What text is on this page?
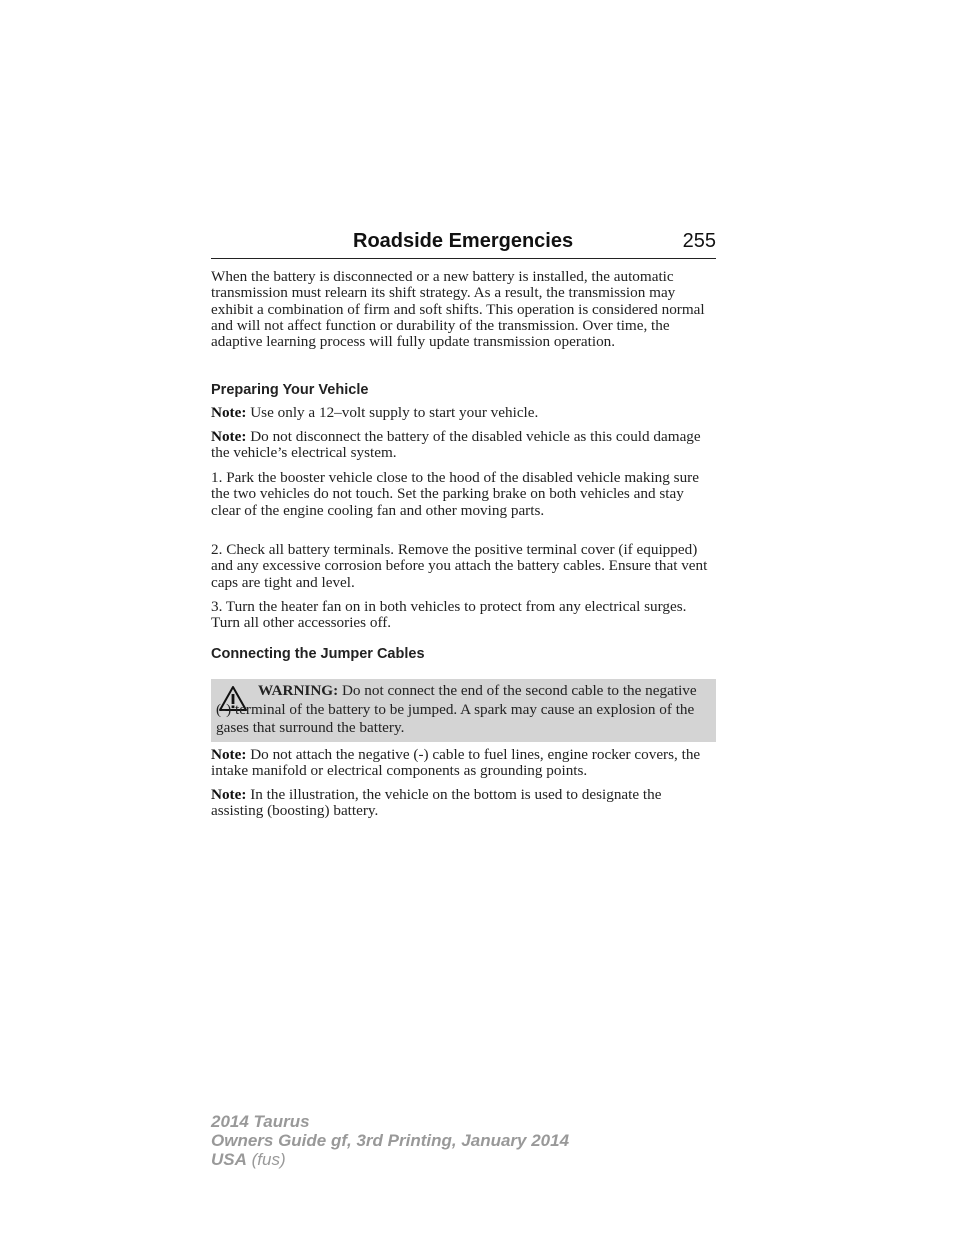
Roadside Emergencies	255

When the battery is disconnected or a new battery is installed, the automatic transmission must relearn its shift strategy. As a result, the transmission may exhibit a combination of firm and soft shifts. This operation is considered normal and will not affect function or durability of the transmission. Over time, the adaptive learning process will fully update transmission operation.

Preparing Your Vehicle

Note: Use only a 12–volt supply to start your vehicle.

Note: Do not disconnect the battery of the disabled vehicle as this could damage the vehicle’s electrical system.

1. Park the booster vehicle close to the hood of the disabled vehicle making sure the two vehicles do not touch. Set the parking brake on both vehicles and stay clear of the engine cooling fan and other moving parts.

2. Check all battery terminals. Remove the positive terminal cover (if equipped) and any excessive corrosion before you attach the battery cables. Ensure that vent caps are tight and level.

3. Turn the heater fan on in both vehicles to protect from any electrical surges. Turn all other accessories off.

Connecting the Jumper Cables
WARNING: Do not connect the end of the second cable to the negative (-) terminal of the battery to be jumped. A spark may cause an explosion of the gases that surround the battery.

Note: Do not attach the negative (-) cable to fuel lines, engine rocker covers, the intake manifold or electrical components as grounding points.

Note: In the illustration, the vehicle on the bottom is used to designate the assisting (boosting) battery.

2014 Taurus
Owners Guide gf, 3rd Printing, January 2014
USA (fus)
